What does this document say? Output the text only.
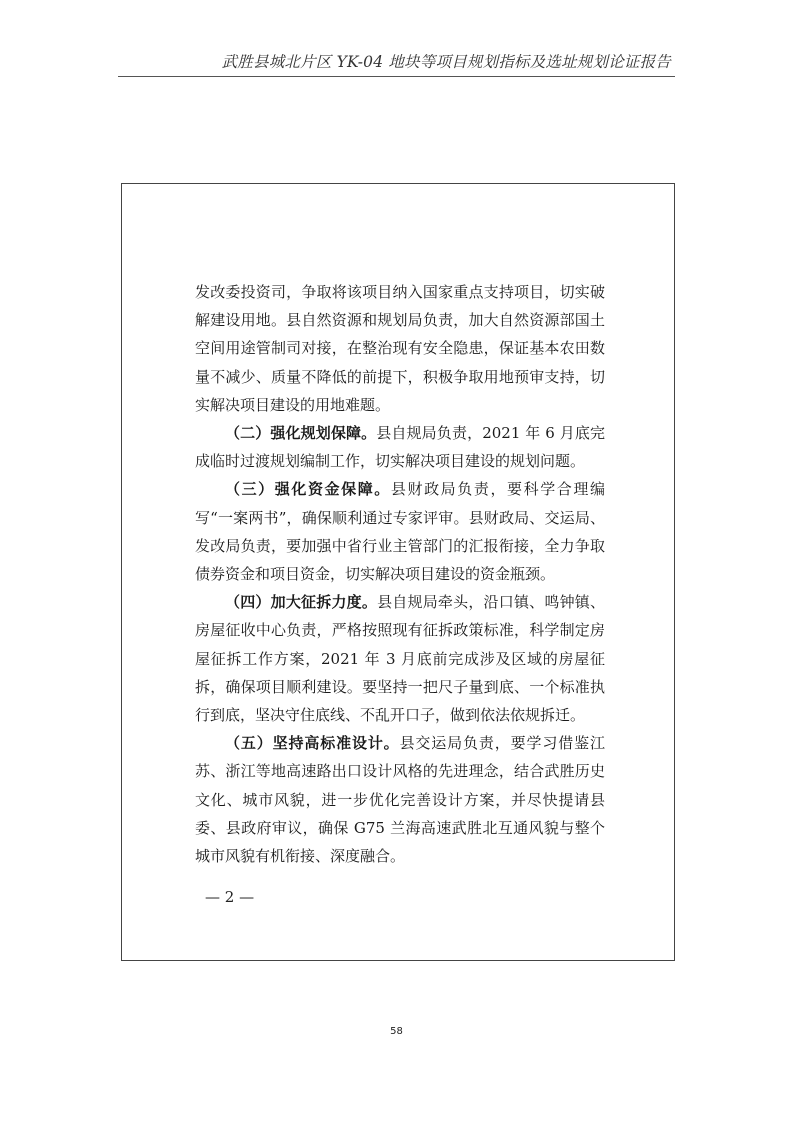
武胜县城北片区 YK-04 地块等项目规划指标及选址规划论证报告

发改委投资司，争取将该项目纳入国家重点支持项目，切实破解建设用地。县自然资源和规划局负责，加大自然资源部国土空间用途管制司对接，在整治现有安全隐患，保证基本农田数量不减少、质量不降低的前提下，积极争取用地预审支持，切实解决项目建设的用地难题。

（二）强化规划保障。县自规局负责，2021 年 6 月底完成临时过渡规划编制工作，切实解决项目建设的规划问题。

（三）强化资金保障。县财政局负责，要科学合理编写“一案两书”，确保顺利通过专家评审。县财政局、交运局、发改局负责，要加强中省行业主管部门的汇报衔接，全力争取债券资金和项目资金，切实解决项目建设的资金瓶颈。

（四）加大征拆力度。县自规局牵头，沿口镇、鸣钟镇、房屋征收中心负责，严格按照现有征拆政策标准，科学制定房屋征拆工作方案，2021 年 3 月底前完成涉及区域的房屋征拆，确保项目顺利建设。要坚持一把尺子量到底、一个标准执行到底，坚决守住底线、不乱开口子，做到依法依规拆迁。

（五）坚持高标准设计。县交运局负责，要学习借鉴江苏、浙江等地高速路出口设计风格的先进理念，结合武胜历史文化、城市风貌，进一步优化完善设计方案，并尽快提请县委、县政府审议，确保 G75 兰海高速武胜北互通风貌与整个城市风貌有机衔接、深度融合。

— 2 —
58
